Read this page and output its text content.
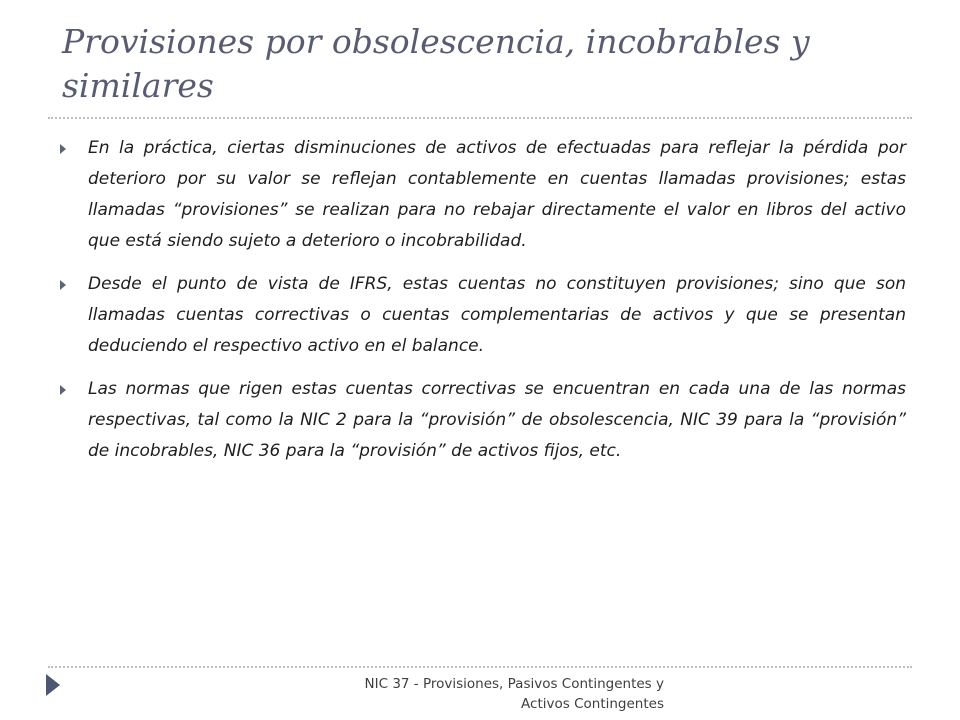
Provisiones por obsolescencia, incobrables y similares
En la práctica, ciertas disminuciones de activos de efectuadas para reflejar la pérdida por deterioro por su valor se reflejan contablemente en cuentas llamadas provisiones; estas llamadas “provisiones” se realizan para no rebajar directamente el valor en libros del activo que está siendo sujeto a deterioro o incobrabilidad.
Desde el punto de vista de IFRS, estas cuentas no constituyen provisiones; sino que son llamadas cuentas correctivas o cuentas complementarias de activos y que se presentan deduciendo el respectivo activo en el balance.
Las normas que rigen estas cuentas correctivas se encuentran en cada una de las normas respectivas, tal como la NIC 2 para la “provisión” de obsolescencia, NIC 39 para la “provisión” de incobrables, NIC 36 para la “provisión” de activos fijos, etc.
NIC 37 - Provisiones, Pasivos Contingentes y
Activos Contingentes
